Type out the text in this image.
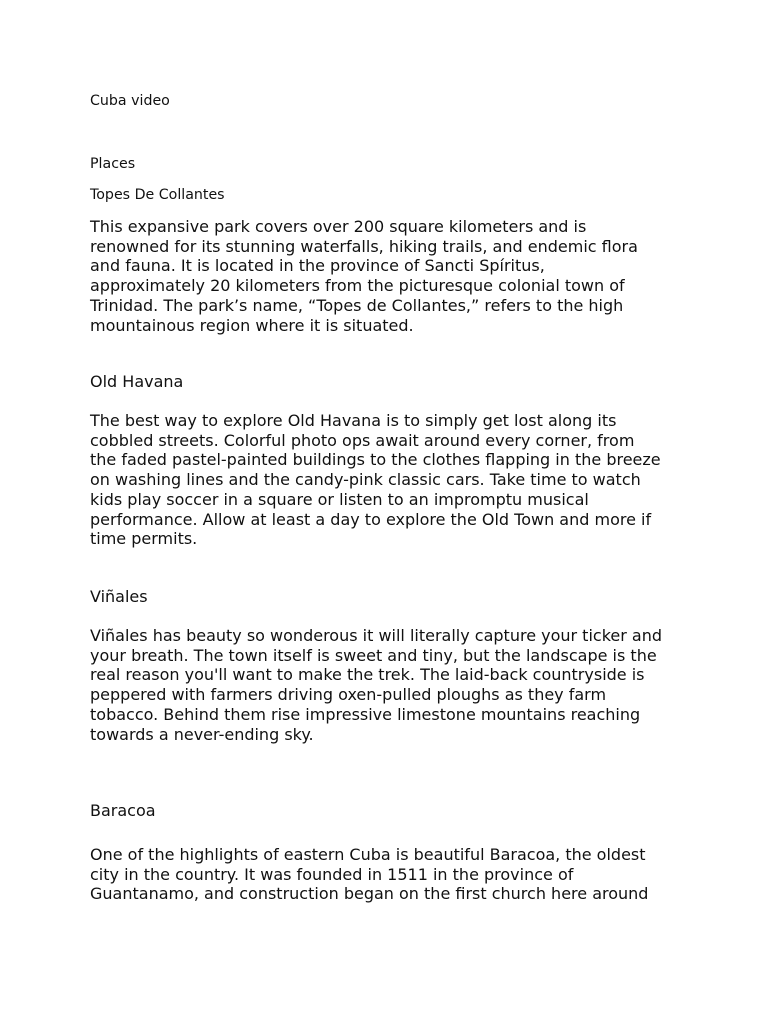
Cuba video

Places

Topes De Collantes

This expansive park covers over 200 square kilometers and is
renowned for its stunning waterfalls, hiking trails, and endemic flora
and fauna. It is located in the province of Sancti Spíritus,
approximately 20 kilometers from the picturesque colonial town of
Trinidad. The park’s name, “Topes de Collantes,” refers to the high
mountainous region where it is situated.

Old Havana

The best way to explore Old Havana is to simply get lost along its
cobbled streets. Colorful photo ops await around every corner, from
the faded pastel-painted buildings to the clothes flapping in the breeze
on washing lines and the candy-pink classic cars. Take time to watch
kids play soccer in a square or listen to an impromptu musical
performance. Allow at least a day to explore the Old Town and more if
time permits.

Viñales

Viñales has beauty so wonderous it will literally capture your ticker and
your breath. The town itself is sweet and tiny, but the landscape is the
real reason you'll want to make the trek. The laid-back countryside is
peppered with farmers driving oxen-pulled ploughs as they farm
tobacco. Behind them rise impressive limestone mountains reaching
towards a never-ending sky.

Baracoa

One of the highlights of eastern Cuba is beautiful Baracoa, the oldest
city in the country. It was founded in 1511 in the province of
Guantanamo, and construction began on the first church here around
